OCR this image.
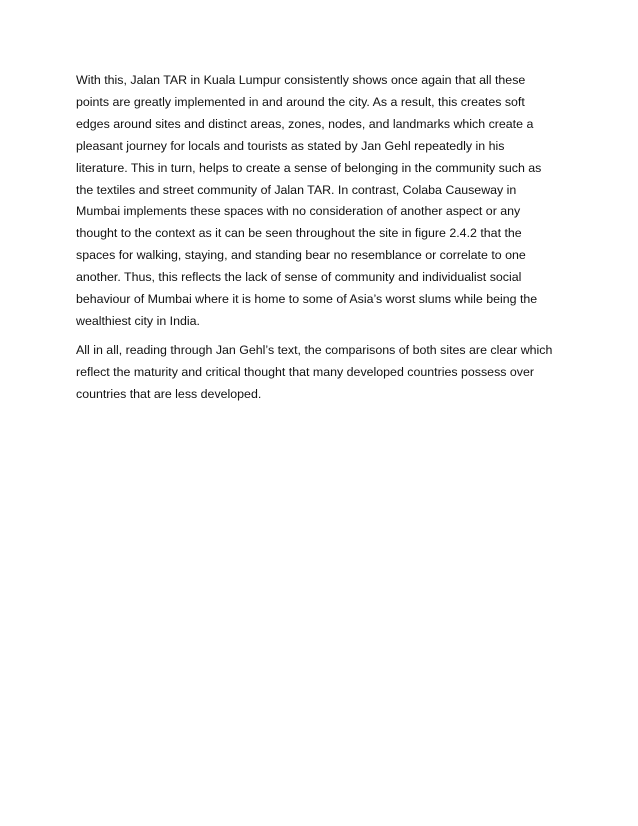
With this, Jalan TAR in Kuala Lumpur consistently shows once again that all these
points are greatly implemented in and around the city. As a result, this creates soft
edges around sites and distinct areas, zones, nodes, and landmarks which create a
pleasant journey for locals and tourists as stated by Jan Gehl repeatedly in his
literature. This in turn, helps to create a sense of belonging in the community such as
the textiles and street community of Jalan TAR. In contrast, Colaba Causeway in
Mumbai implements these spaces with no consideration of another aspect or any
thought to the context as it can be seen throughout the site in figure 2.4.2 that the
spaces for walking, staying, and standing bear no resemblance or correlate to one
another. Thus, this reflects the lack of sense of community and individualist social
behaviour of Mumbai where it is home to some of Asia’s worst slums while being the
wealthiest city in India.

All in all, reading through Jan Gehl’s text, the comparisons of both sites are clear which
reflect the maturity and critical thought that many developed countries possess over
countries that are less developed.
